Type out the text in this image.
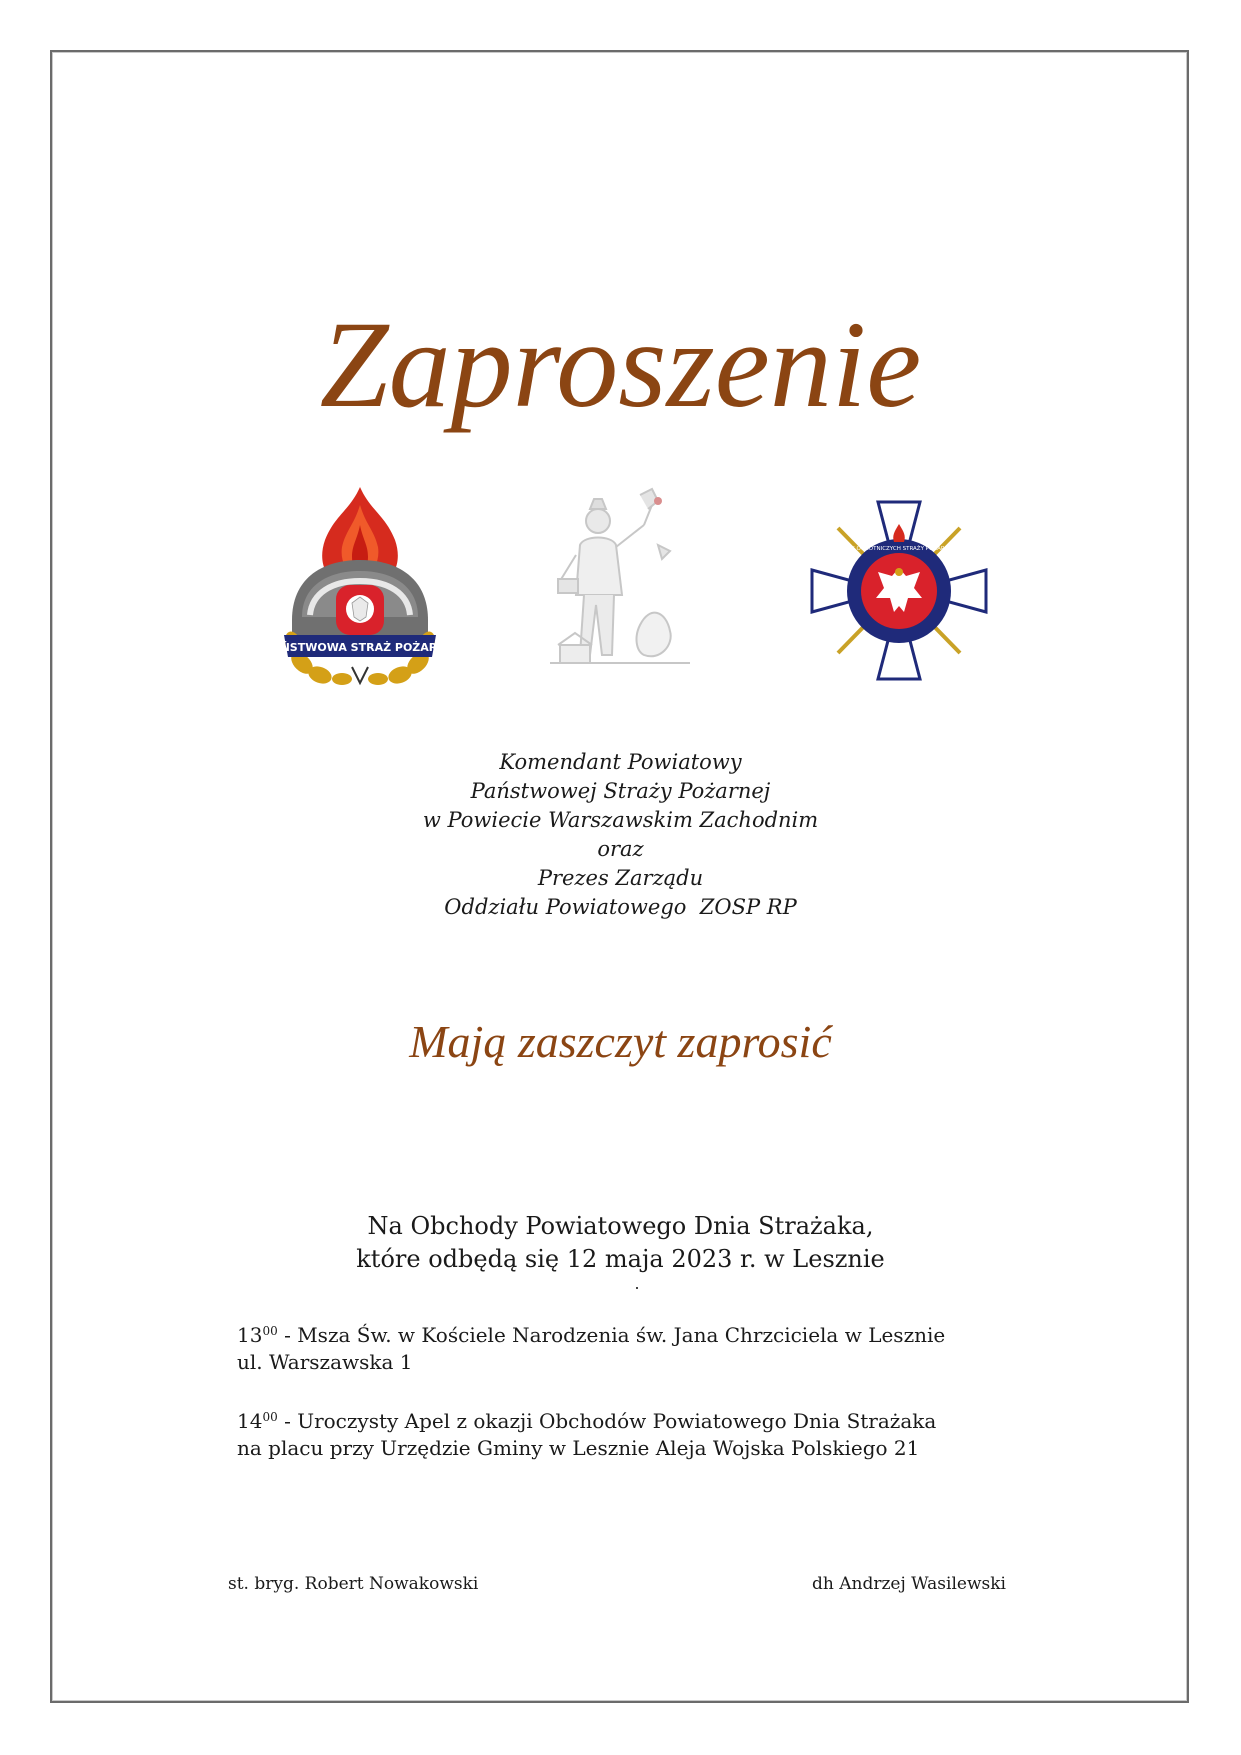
Zaproszenie
PAŃSTWOWA STRAŻ POŻARNA
ZWIĄZEK OCHOTNICZYCH STRAŻY POŻARNYCH RP
Komendant Powiatowy
Państwowej Straży Pożarnej
w Powiecie Warszawskim Zachodnim
oraz
Prezes Zarządu
Oddziału Powiatowego  ZOSP RP
Mają zaszczyt zaprosić
Na Obchody Powiatowego Dnia Strażaka,
które odbędą się 12 maja 2023 r. w Lesznie
$13^{00}$ - Msza Św. w Kościele Narodzenia św. Jana Chrzciciela w Lesznie
ul. Warszawska 1
$14^{00}$ - Uroczysty Apel z okazji Obchodów Powiatowego Dnia Strażaka
na placu przy Urzędzie Gminy w Lesznie Aleja Wojska Polskiego 21
st. bryg. Robert Nowakowski	dh Andrzej Wasilewski
